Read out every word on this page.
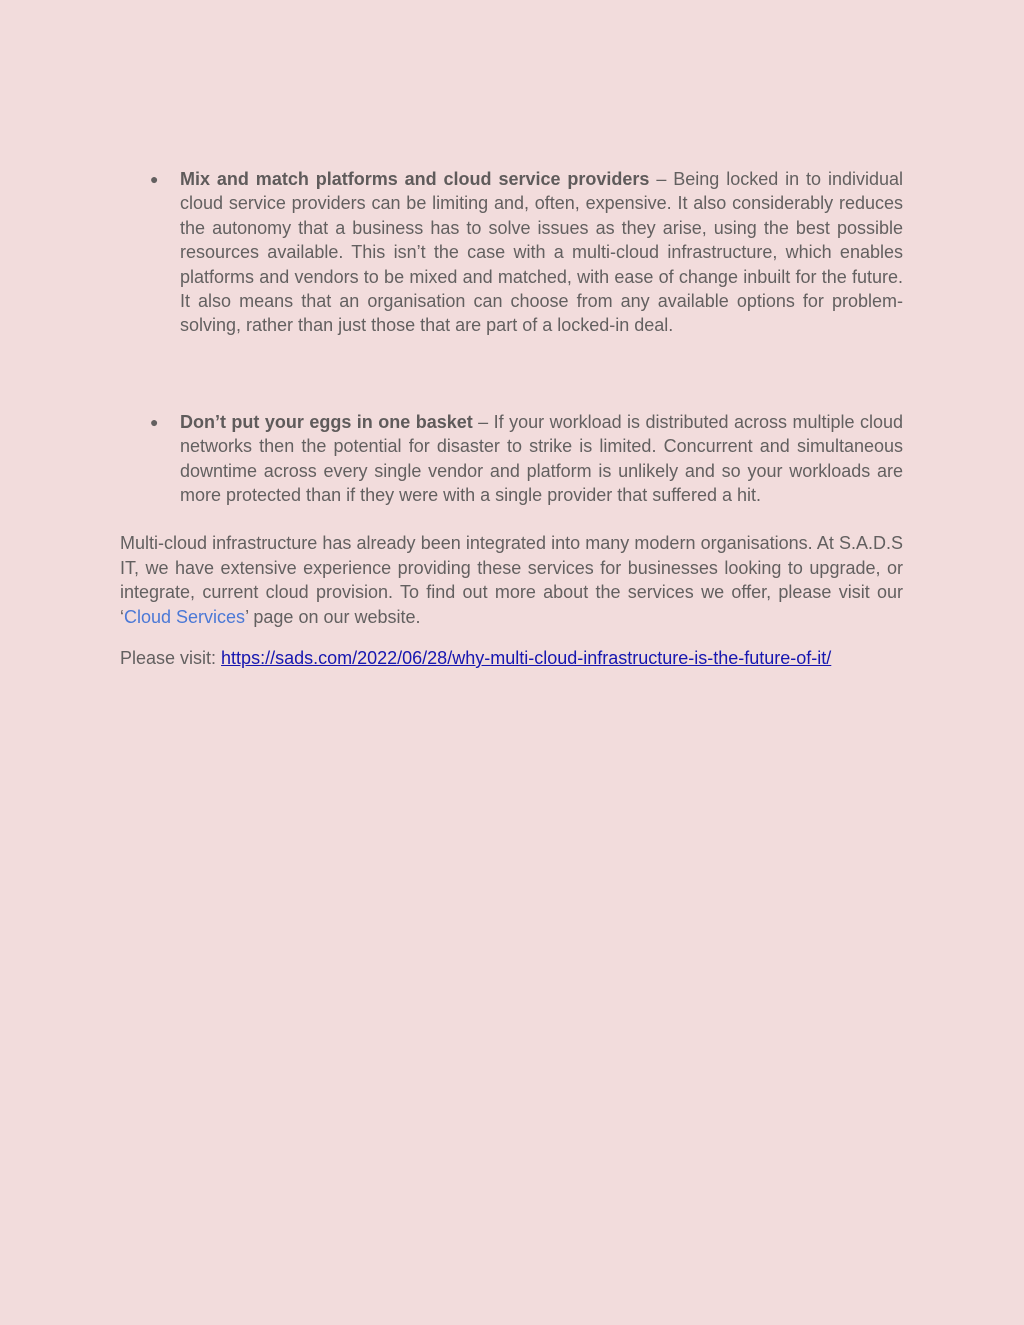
● Mix and match platforms and cloud service providers – Being locked in to individual cloud service providers can be limiting and, often, expensive. It also considerably reduces the autonomy that a business has to solve issues as they arise, using the best possible resources available. This isn’t the case with a multi-cloud infrastructure, which enables platforms and vendors to be mixed and matched, with ease of change inbuilt for the future. It also means that an organisation can choose from any available options for problem-solving, rather than just those that are part of a locked-in deal.
● Don’t put your eggs in one basket – If your workload is distributed across multiple cloud networks then the potential for disaster to strike is limited. Concurrent and simultaneous downtime across every single vendor and platform is unlikely and so your workloads are more protected than if they were with a single provider that suffered a hit.

Multi-cloud infrastructure has already been integrated into many modern organisations. At S.A.D.S IT, we have extensive experience providing these services for businesses looking to upgrade, or integrate, current cloud provision. To find out more about the services we offer, please visit our ‘Cloud Services’ page on our website.

Please visit: https://sads.com/2022/06/28/why-multi-cloud-infrastructure-is-the-future-of-it/
